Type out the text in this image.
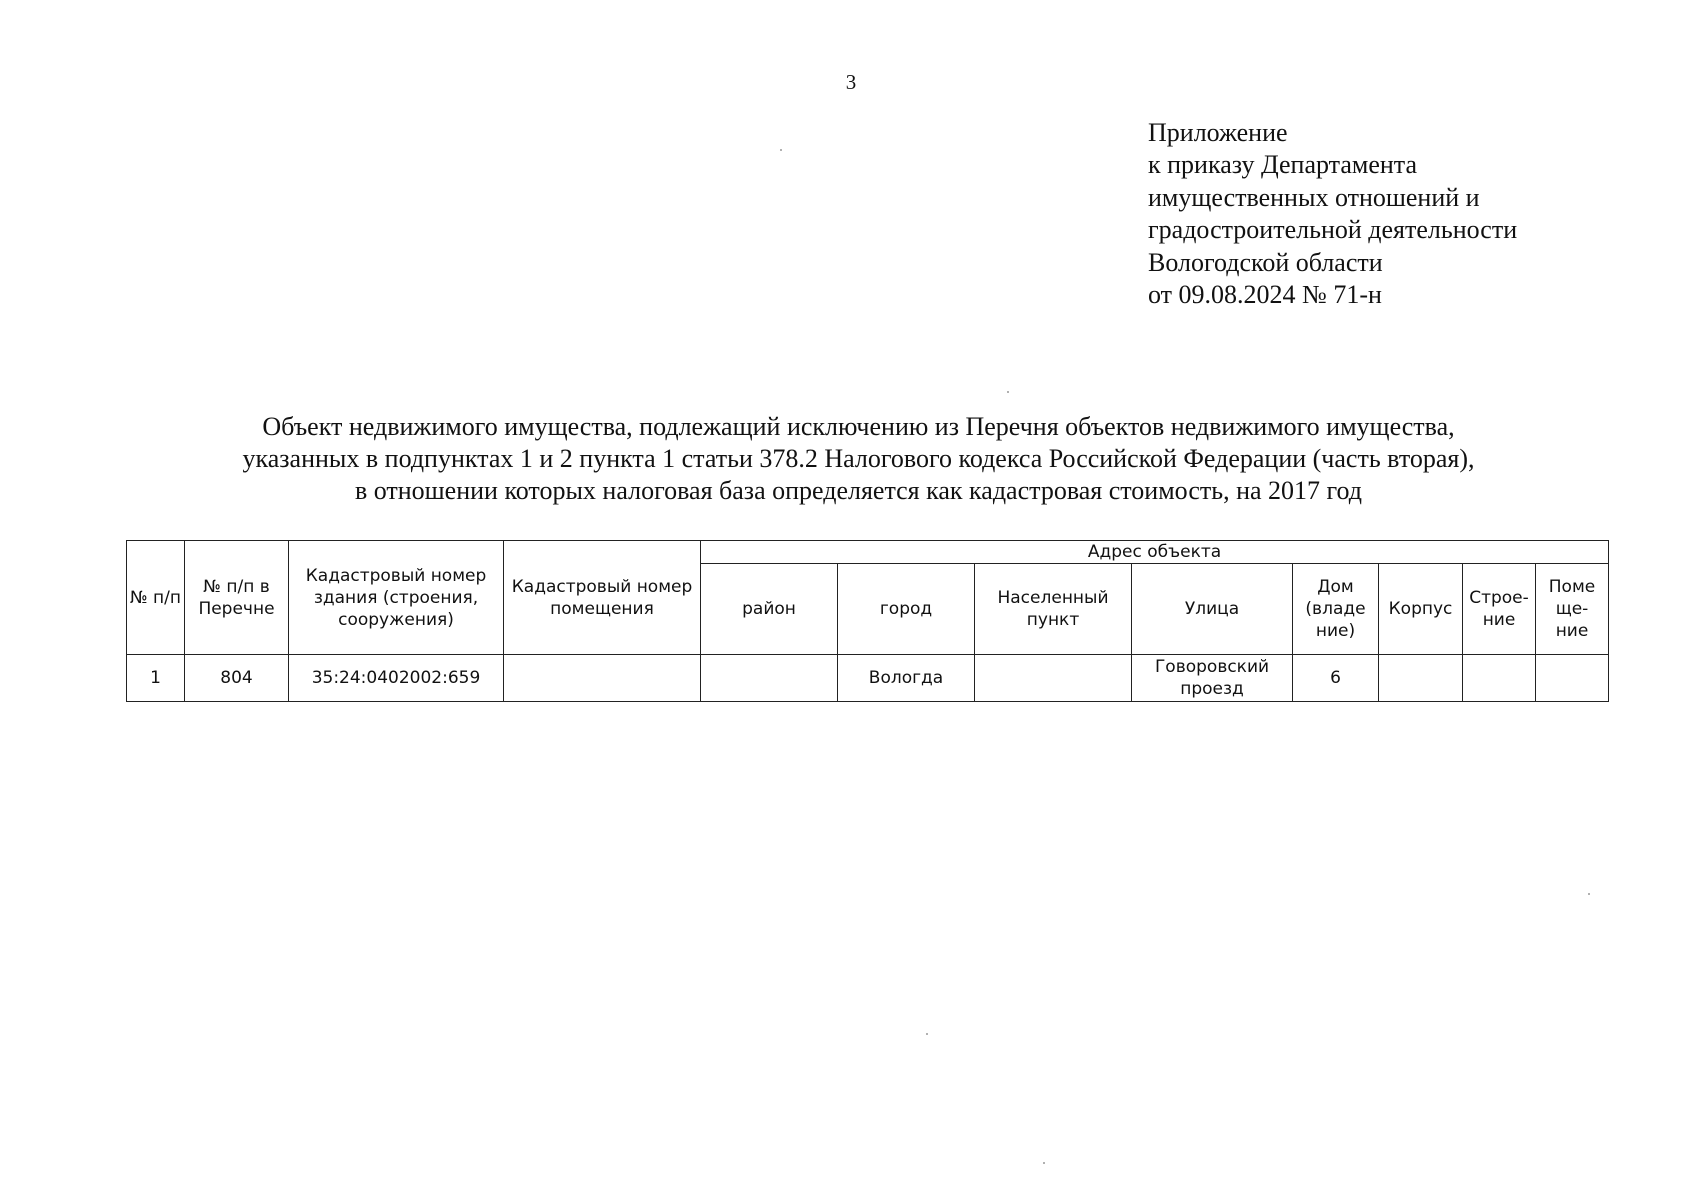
3
Приложение
к приказу Департамента
имущественных отношений и
градостроительной деятельности
Вологодской области
от 09.08.2024 № 71-н
Объект недвижимого имущества, подлежащий исключению из Перечня объектов недвижимого имущества,
указанных в подпунктах 1 и 2 пункта 1 статьи 378.2 Налогового кодекса Российской Федерации (часть вторая),
в отношении которых налоговая база определяется как кадастровая стоимость, на 2017 год
№ п/п	№ п/п в Перечне	Кадастровый номер здания (строения, сооружения)	Кадастровый номер помещения	Адрес объекта							
				район	город	Населенный пункт	Улица	Дом (владе ние)	Корпус	Строе- ние	Поме ще- ние
1	804	35:24:0402002:659			Вологда		Говоровский проезд	6			
